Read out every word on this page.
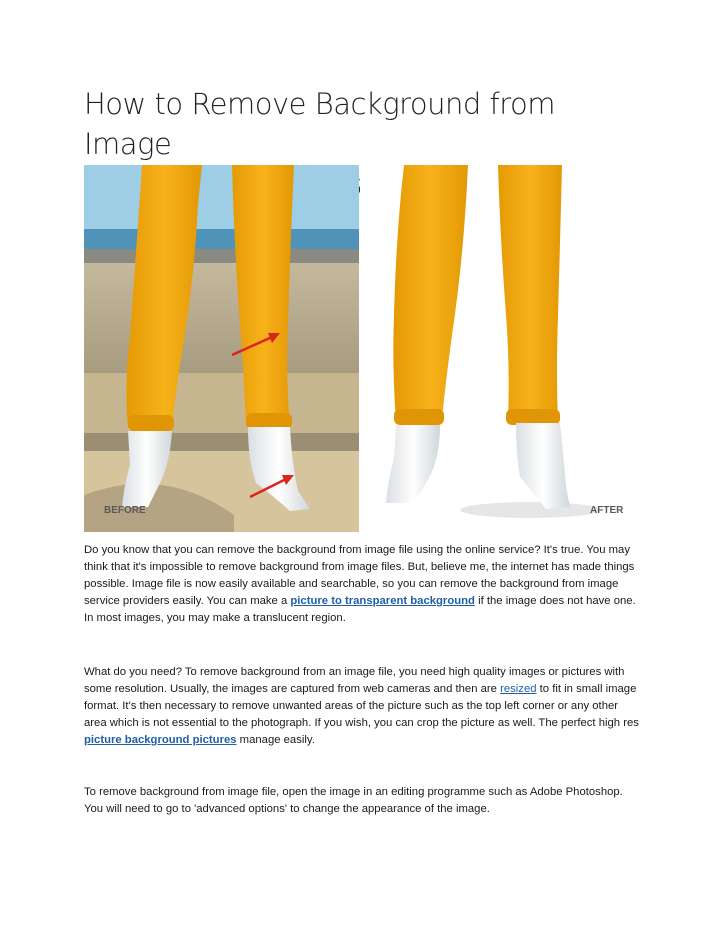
How to Remove Background from Image

BEFORE	AFTER

Do you know that you can remove the background from image file using the online service? It's true. You may think that it's impossible to remove background from image files. But, believe me, the internet has made things possible. Image file is now easily available and searchable, so you can remove the background from image service providers easily. You can make a picture to transparent background if the image does not have one. In most images, you may make a translucent region.

What do you need? To remove background from an image file, you need high quality images or pictures with some resolution. Usually, the images are captured from web cameras and then are resized to fit in small image format. It's then necessary to remove unwanted areas of the picture such as the top left corner or any other area which is not essential to the photograph. If you wish, you can crop the picture as well. The perfect high res picture background pictures manage easily.

To remove background from image file, open the image in an editing programme such as Adobe Photoshop. You will need to go to 'advanced options' to change the appearance of the image.
